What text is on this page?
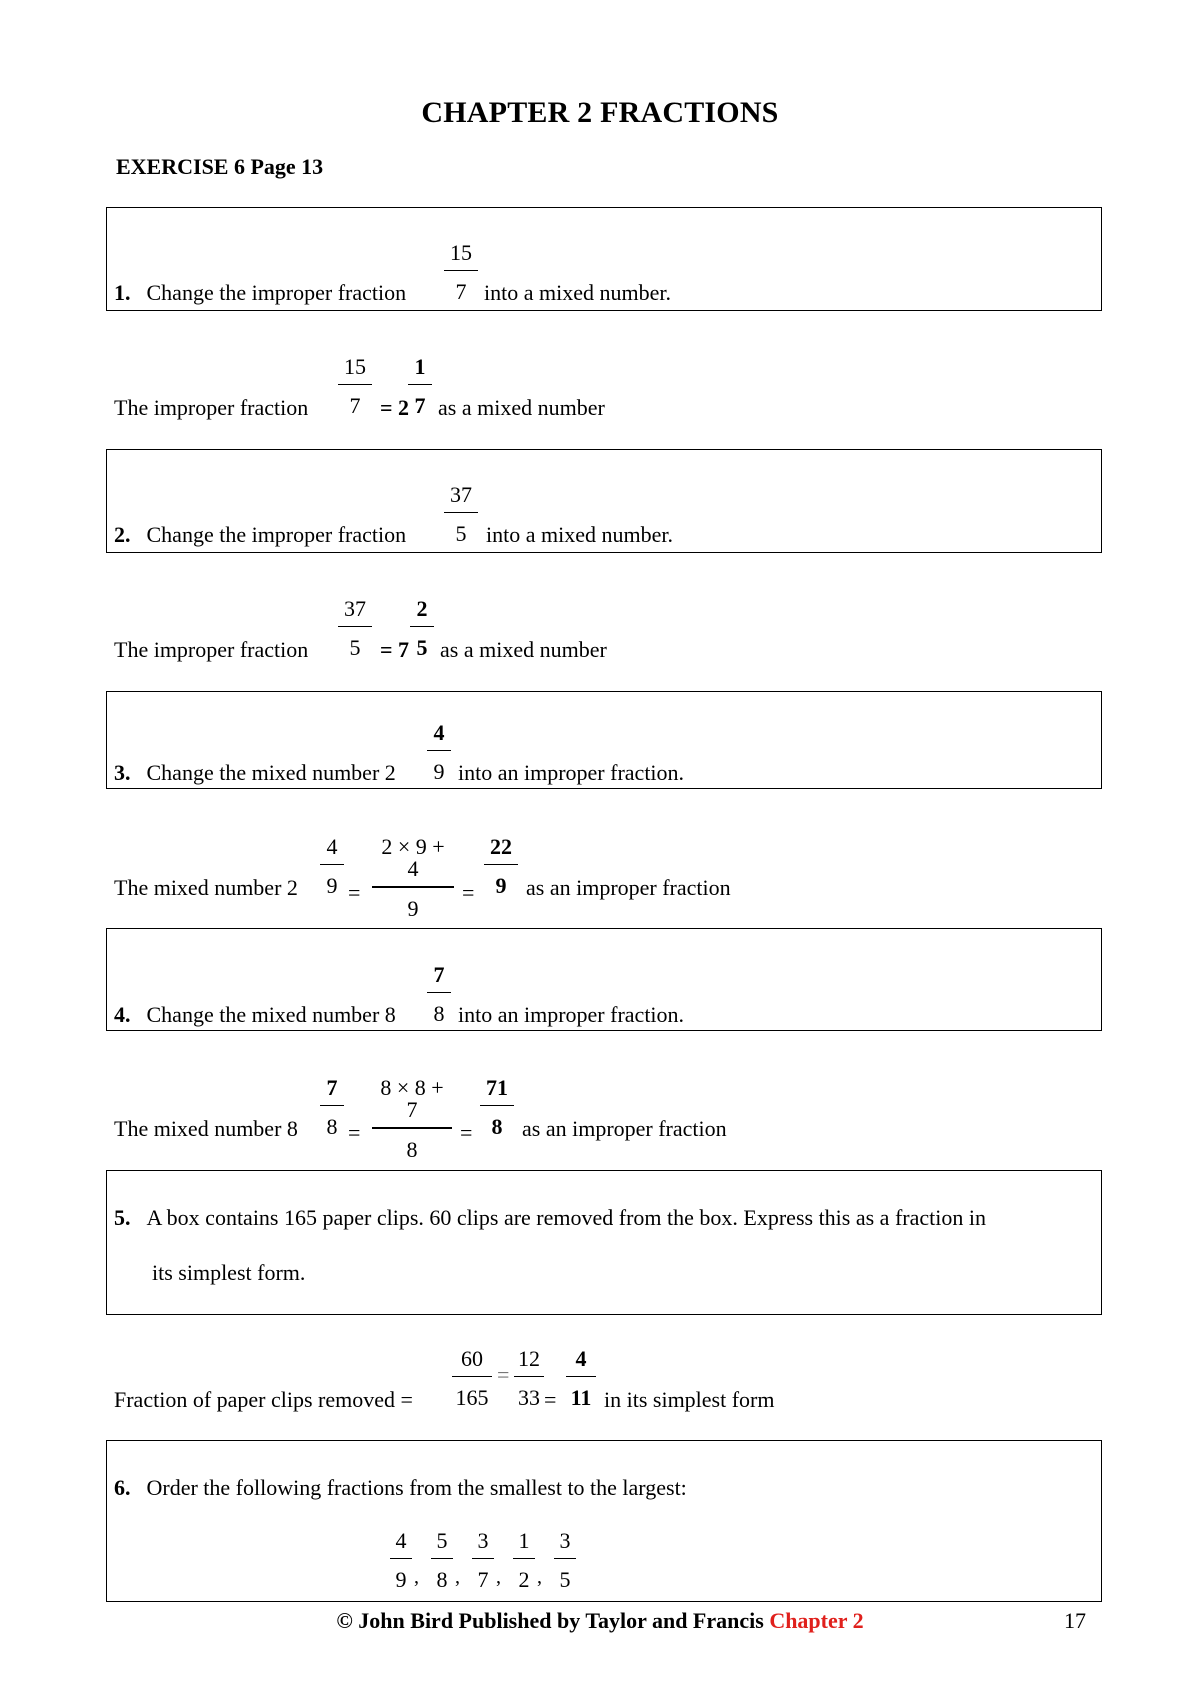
CHAPTER 2 FRACTIONS
EXERCISE 6 Page 13
1. Change the improper fraction $\frac{15}{7}$ into a mixed number.
The improper fraction $\frac{15}{7} = 2$
$\frac{1}{7}$ as a mixed number
2. Change the improper fraction $\frac{37}{5}$ into a mixed number.
The improper fraction $\frac{37}{5} = 7 \frac{2}{5}$ as a mixed number
3. Change the mixed number $2 \frac{4}{9}$ into an improper fraction.
The mixed number $2 \frac{4}{9}$ =
2 × 9 + 4
9
= $\frac{22}{9}$ as an improper fraction
4. Change the mixed number $8 \frac{7}{8}$ into an improper fraction.
The mixed number $8 \frac{7}{8}$ =
8 × 8 + 7
8
= $\frac{71}{8}$ as an improper fraction
5. A box contains 165 paper clips. 60 clips are removed from the box. Express this as a fraction in
its simplest form.
Fraction of paper clips removed = $\frac{60}{165} = \frac{12}{33} = \frac{4}{11}$ in its simplest form
6. Order the following fractions from the smallest to the largest:
$\frac{4}{9}$ , $\frac{5}{8}$ , $\frac{3}{7}$ , $\frac{1}{2}$ , $\frac{3}{5}$
© John Bird Published by Taylor and Francis Chapter 2	17
